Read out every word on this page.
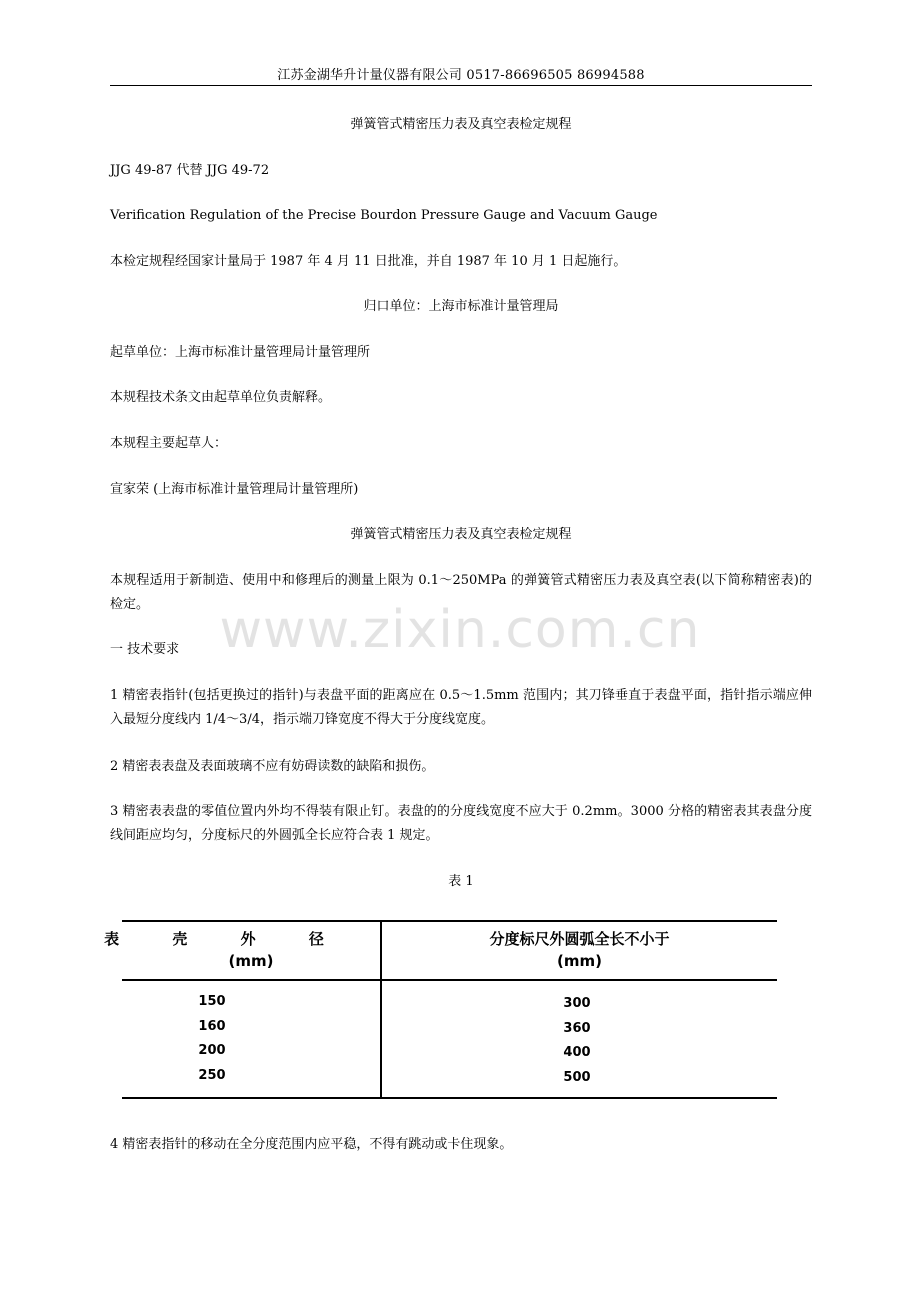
江苏金湖华升计量仪器有限公司 0517-86696505 86994588
www.zixin.com.cn
弹簧管式精密压力表及真空表检定规程
JJG 49-87 代替 JJG 49-72
Verification Regulation of the Precise Bourdon Pressure Gauge and Vacuum Gauge
本检定规程经国家计量局于 1987 年 4 月 11 日批准，并自 1987 年 10 月 1 日起施行。
归口单位：上海市标准计量管理局
起草单位：上海市标准计量管理局计量管理所
本规程技术条文由起草单位负责解释。
本规程主要起草人：
宣家荣 (上海市标准计量管理局计量管理所)
弹簧管式精密压力表及真空表检定规程
本规程适用于新制造、使用中和修理后的测量上限为 0.1～250MPa 的弹簧管式精密压力表及真空表(以下简称精密表)的检定。
一 技术要求
1 精密表指针(包括更换过的指针)与表盘平面的距离应在 0.5～1.5mm 范围内；其刀锋垂直于表盘平面，指针指示端应伸入最短分度线内 1/4～3/4，指示端刀锋宽度不得大于分度线宽度。
2 精密表表盘及表面玻璃不应有妨碍读数的缺陷和损伤。
3 精密表表盘的零值位置内外均不得装有限止钉。表盘的的分度线宽度不应大于 0.2mm。3000 分格的精密表其表盘分度线间距应均匀，分度标尺的外圆弧全长应符合表 1 规定。
表 1
表 壳 外 径
(mm)
分度标尺外圆弧全长不小于
(mm)
150
160
200
250
300
360
400
500
4 精密表指针的移动在全分度范围内应平稳，不得有跳动或卡住现象。
